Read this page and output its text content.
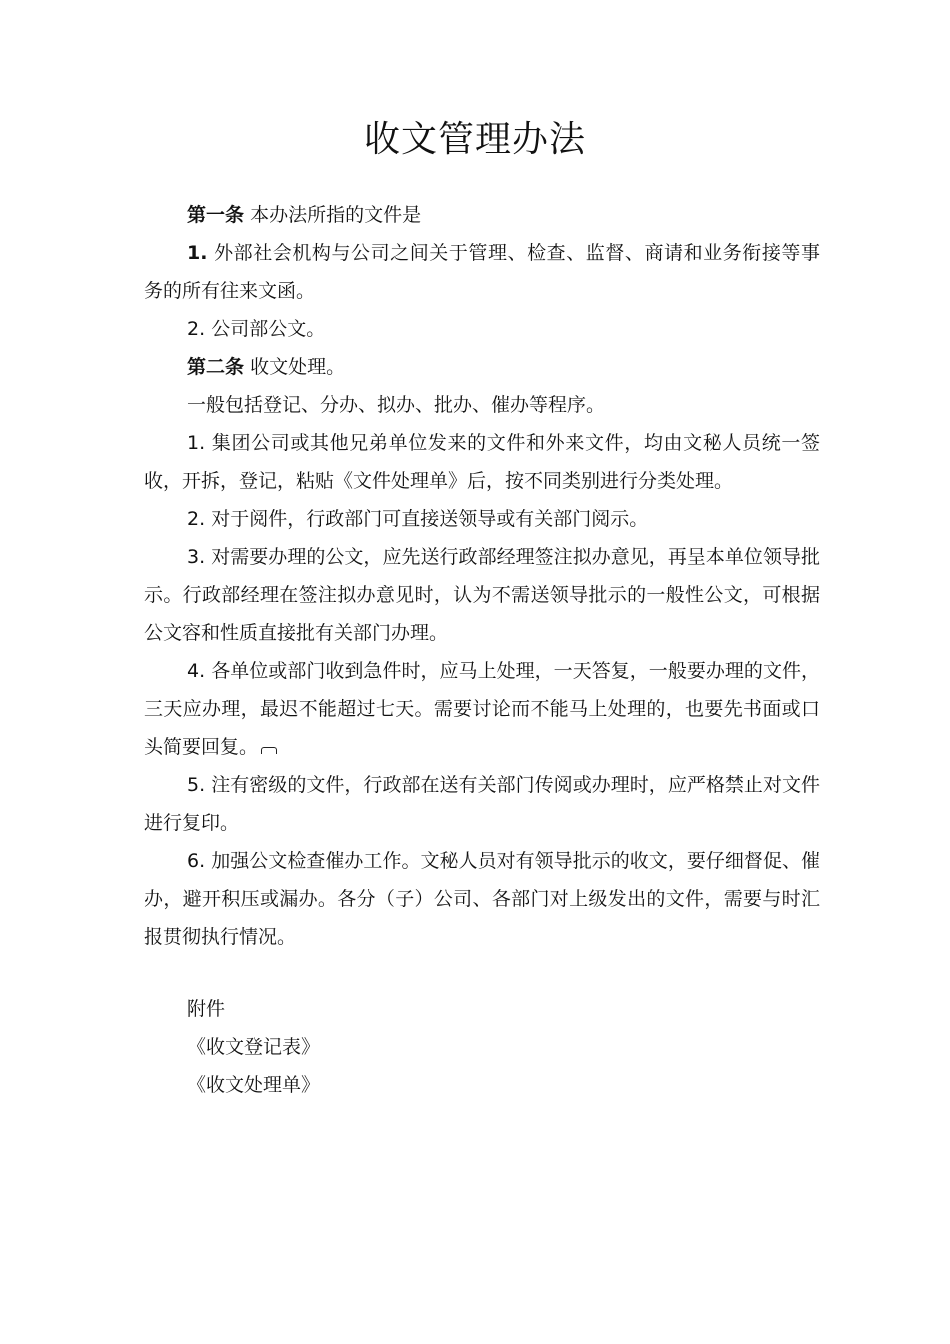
收文管理办法

第一条 本办法所指的文件是

1. 外部社会机构与公司之间关于管理、检查、监督、商请和业务衔接等事务的所有往来文函。

2. 公司部公文。

第二条 收文处理。

一般包括登记、分办、拟办、批办、催办等程序。

1. 集团公司或其他兄弟单位发来的文件和外来文件，均由文秘人员统一签收，开拆，登记，粘贴《文件处理单》后，按不同类别进行分类处理。

2. 对于阅件，行政部门可直接送领导或有关部门阅示。

3. 对需要办理的公文，应先送行政部经理签注拟办意见，再呈本单位领导批示。行政部经理在签注拟办意见时，认为不需送领导批示的一般性公文，可根据公文容和性质直接批有关部门办理。

4. 各单位或部门收到急件时，应马上处理，一天答复，一般要办理的文件，三天应办理，最迟不能超过七天。需要讨论而不能马上处理的，也要先书面或口头简要回复。

5. 注有密级的文件，行政部在送有关部门传阅或办理时，应严格禁止对文件进行复印。

6. 加强公文检查催办工作。文秘人员对有领导批示的收文，要仔细督促、催办，避开积压或漏办。各分（子）公司、各部门对上级发出的文件，需要与时汇报贯彻执行情况。

附件

《收文登记表》

《收文处理单》
